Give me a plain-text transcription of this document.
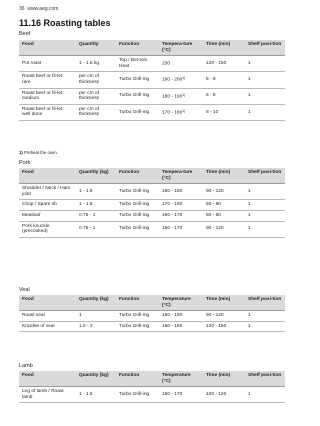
36 www.aeg.com
11.16 Roasting tables
Beef
Food	Quantity	Function	Tempera-ture (°C)	Time (min)	Shelf posi-tion
Pot roast	1 - 1.5 kg	Top / Bot-tom Heat	230	120 - 150	1
Roast beef or fil-let: rare	per cm of thickness	Turbo Grill-ing	190 - 200$^{1)}$	5 - 6	1
Roast beef or fil-let: medium	per cm of thickness	Turbo Grill-ing	180 - 190$^{1)}$	6 - 8	1
Roast beef or fil-let: well done	per cm of thickness	Turbo Grill-ing	170 - 180$^{1)}$	8 - 10	1
1) Preheat the oven.
Pork
Food	Quantity (kg)	Function	Tempera-ture (°C)	Time (min)	Shelf posi-tion
Shoulder / Neck / Ham joint	1 - 1.5	Turbo Grill-ing	160 - 180	90 - 120	1
Chop / Spare rib	1 - 1.5	Turbo Grill-ing	170 - 180	60 - 90	1
Meatloaf	0.75 - 1	Turbo Grill-ing	160 - 170	50 - 60	1
Pork knuckle (precooked)	0.75 - 1	Turbo Grill-ing	150 - 170	90 - 120	1
Veal
Food	Quantity (kg)	Function	Temperature (°C)	Time (min)	Shelf posi-tion
Roast veal	1	Turbo Grill-ing	160 - 180	90 - 120	1
Knuckle of veal	1.5 - 2	Turbo Grill-ing	160 - 180	120 - 150	1
Lamb
Food	Quantity (kg)	Function	Temperature (°C)	Time (min)	Shelf posi-tion
Leg of lamb / Roast lamb	1 - 1.5	Turbo Grill-ing	150 - 170	100 - 120	1
